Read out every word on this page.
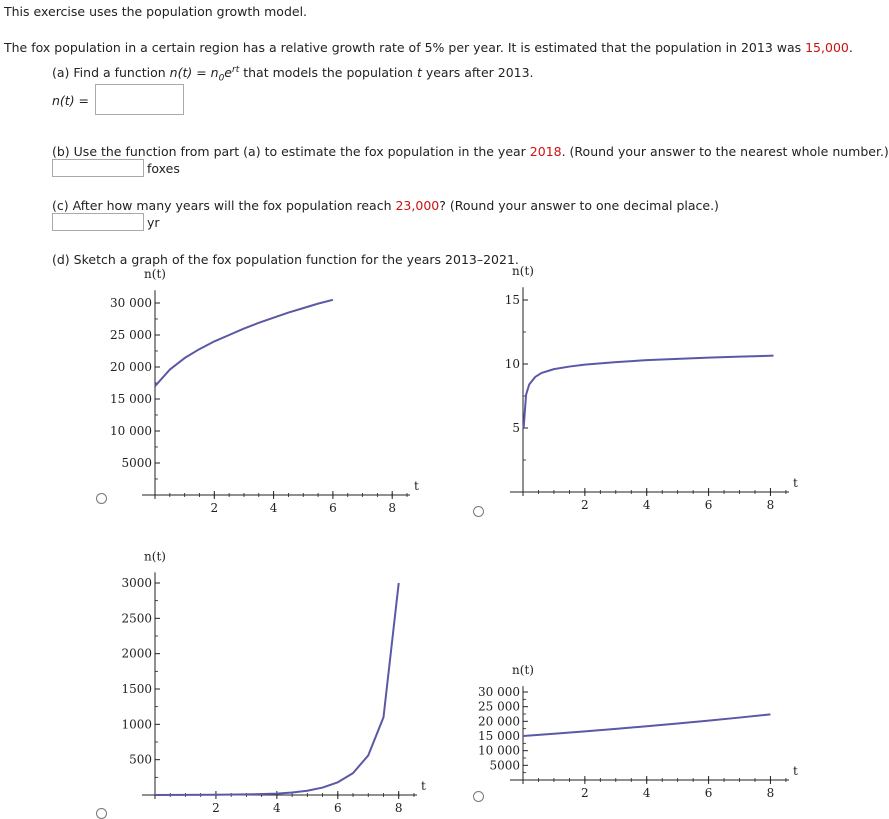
This exercise uses the population growth model.
The fox population in a certain region has a relative growth rate of 5% per year. It is estimated that the population in 2013 was 15,000.
(a) Find a function $n(t) = n_0e^{rt}$ that models the population t years after 2013.
n(t) =
(b) Use the function from part (a) to estimate the fox population in the year 2018. (Round your answer to the nearest whole number.)
foxes
(c) After how many years will the fox population reach 23,000? (Round your answer to one decimal place.)
yr
(d) Sketch a graph of the fox population function for the years 2013–2021.
2	4	6	8
5000
10 000
15 000
20 000
25 000
30 000
t
n(t)
2	4	6	8
5
10
15
t
n(t)
2	4	6	8
500
1000
1500
2000
2500
3000
t
n(t)
2	4	6	8
5000
10 000
15 000
20 000
25 000
30 000
t
n(t)
